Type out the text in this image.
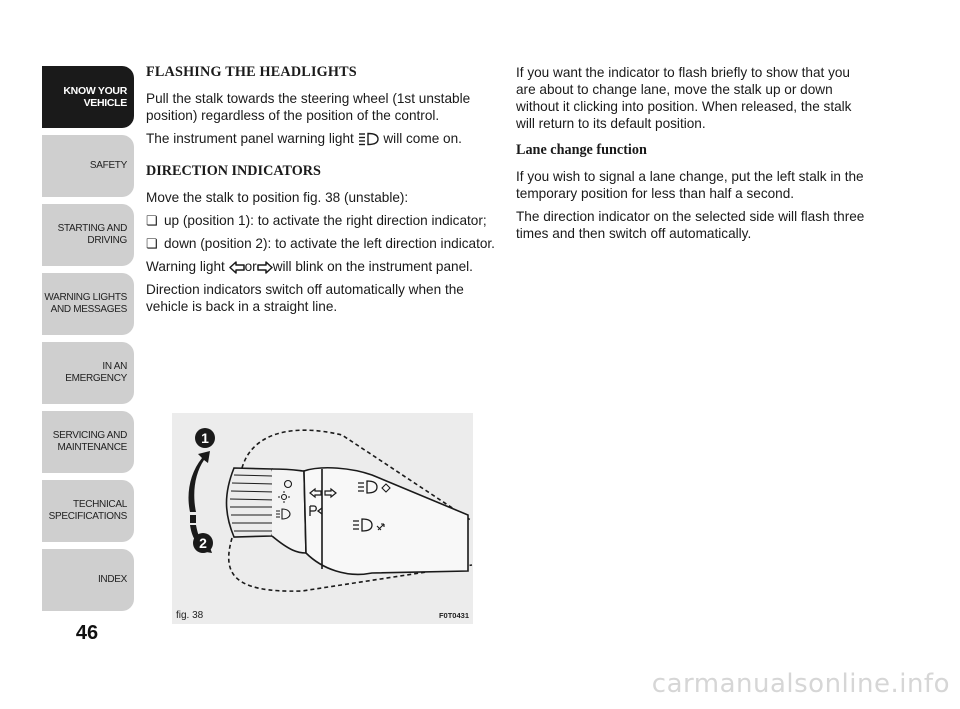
KNOW YOUR
VEHICLE
SAFETY
STARTING AND
DRIVING
WARNING LIGHTS
AND MESSAGES
IN AN EMERGENCY
SERVICING AND
MAINTENANCE
TECHNICAL
SPECIFICATIONS
INDEX
46
FLASHING THE HEADLIGHTS

Pull the stalk towards the steering wheel (1st unstable position) regardless of the position of the control.

The instrument panel warning light  will come on.

DIRECTION INDICATORS

Move the stalk to position fig. 38 (unstable):

❏ up (position 1): to activate the right direction indicator;

❏ down (position 2): to activate the left direction indicator.

Warning light or will blink on the instrument panel.

Direction indicators switch off automatically when the vehicle is back in a straight line.

If you want the indicator to flash briefly to show that you are about to change lane, move the stalk up or down without it clicking into position. When released, the stalk will return to its default position.

Lane change function

If you wish to signal a lane change, put the left stalk in the temporary position for less than half a second.

The direction indicator on the selected side will flash three times and then switch off automatically.

1
2
fig. 38	F0T0431
carmanualsonline.info
